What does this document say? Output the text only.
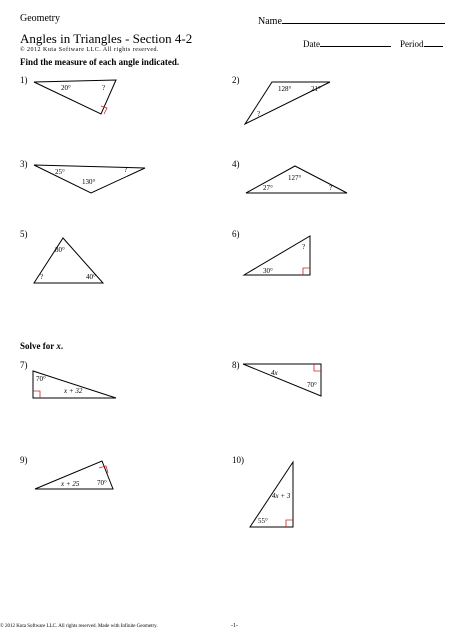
Geometry	Name
Angles in Triangles - Section 4-2
© 2012 Kuta Software LLC. All rights reserved.
Date	Period
Find the measure of each angle indicated.
1)	2)
3)	4)
5)	6)
Solve for x.
7)	8)
9)	10)
20°	?	128°	21°
?
25°	?
130°	127°
27°	?
80°
?	40°
?
30°
70°
x + 32
4x
70°
x + 25	70°
4x + 3
55°
© 2012 Kuta Software LLC. All rights reserved. Made with Infinite Geometry.	-1-
